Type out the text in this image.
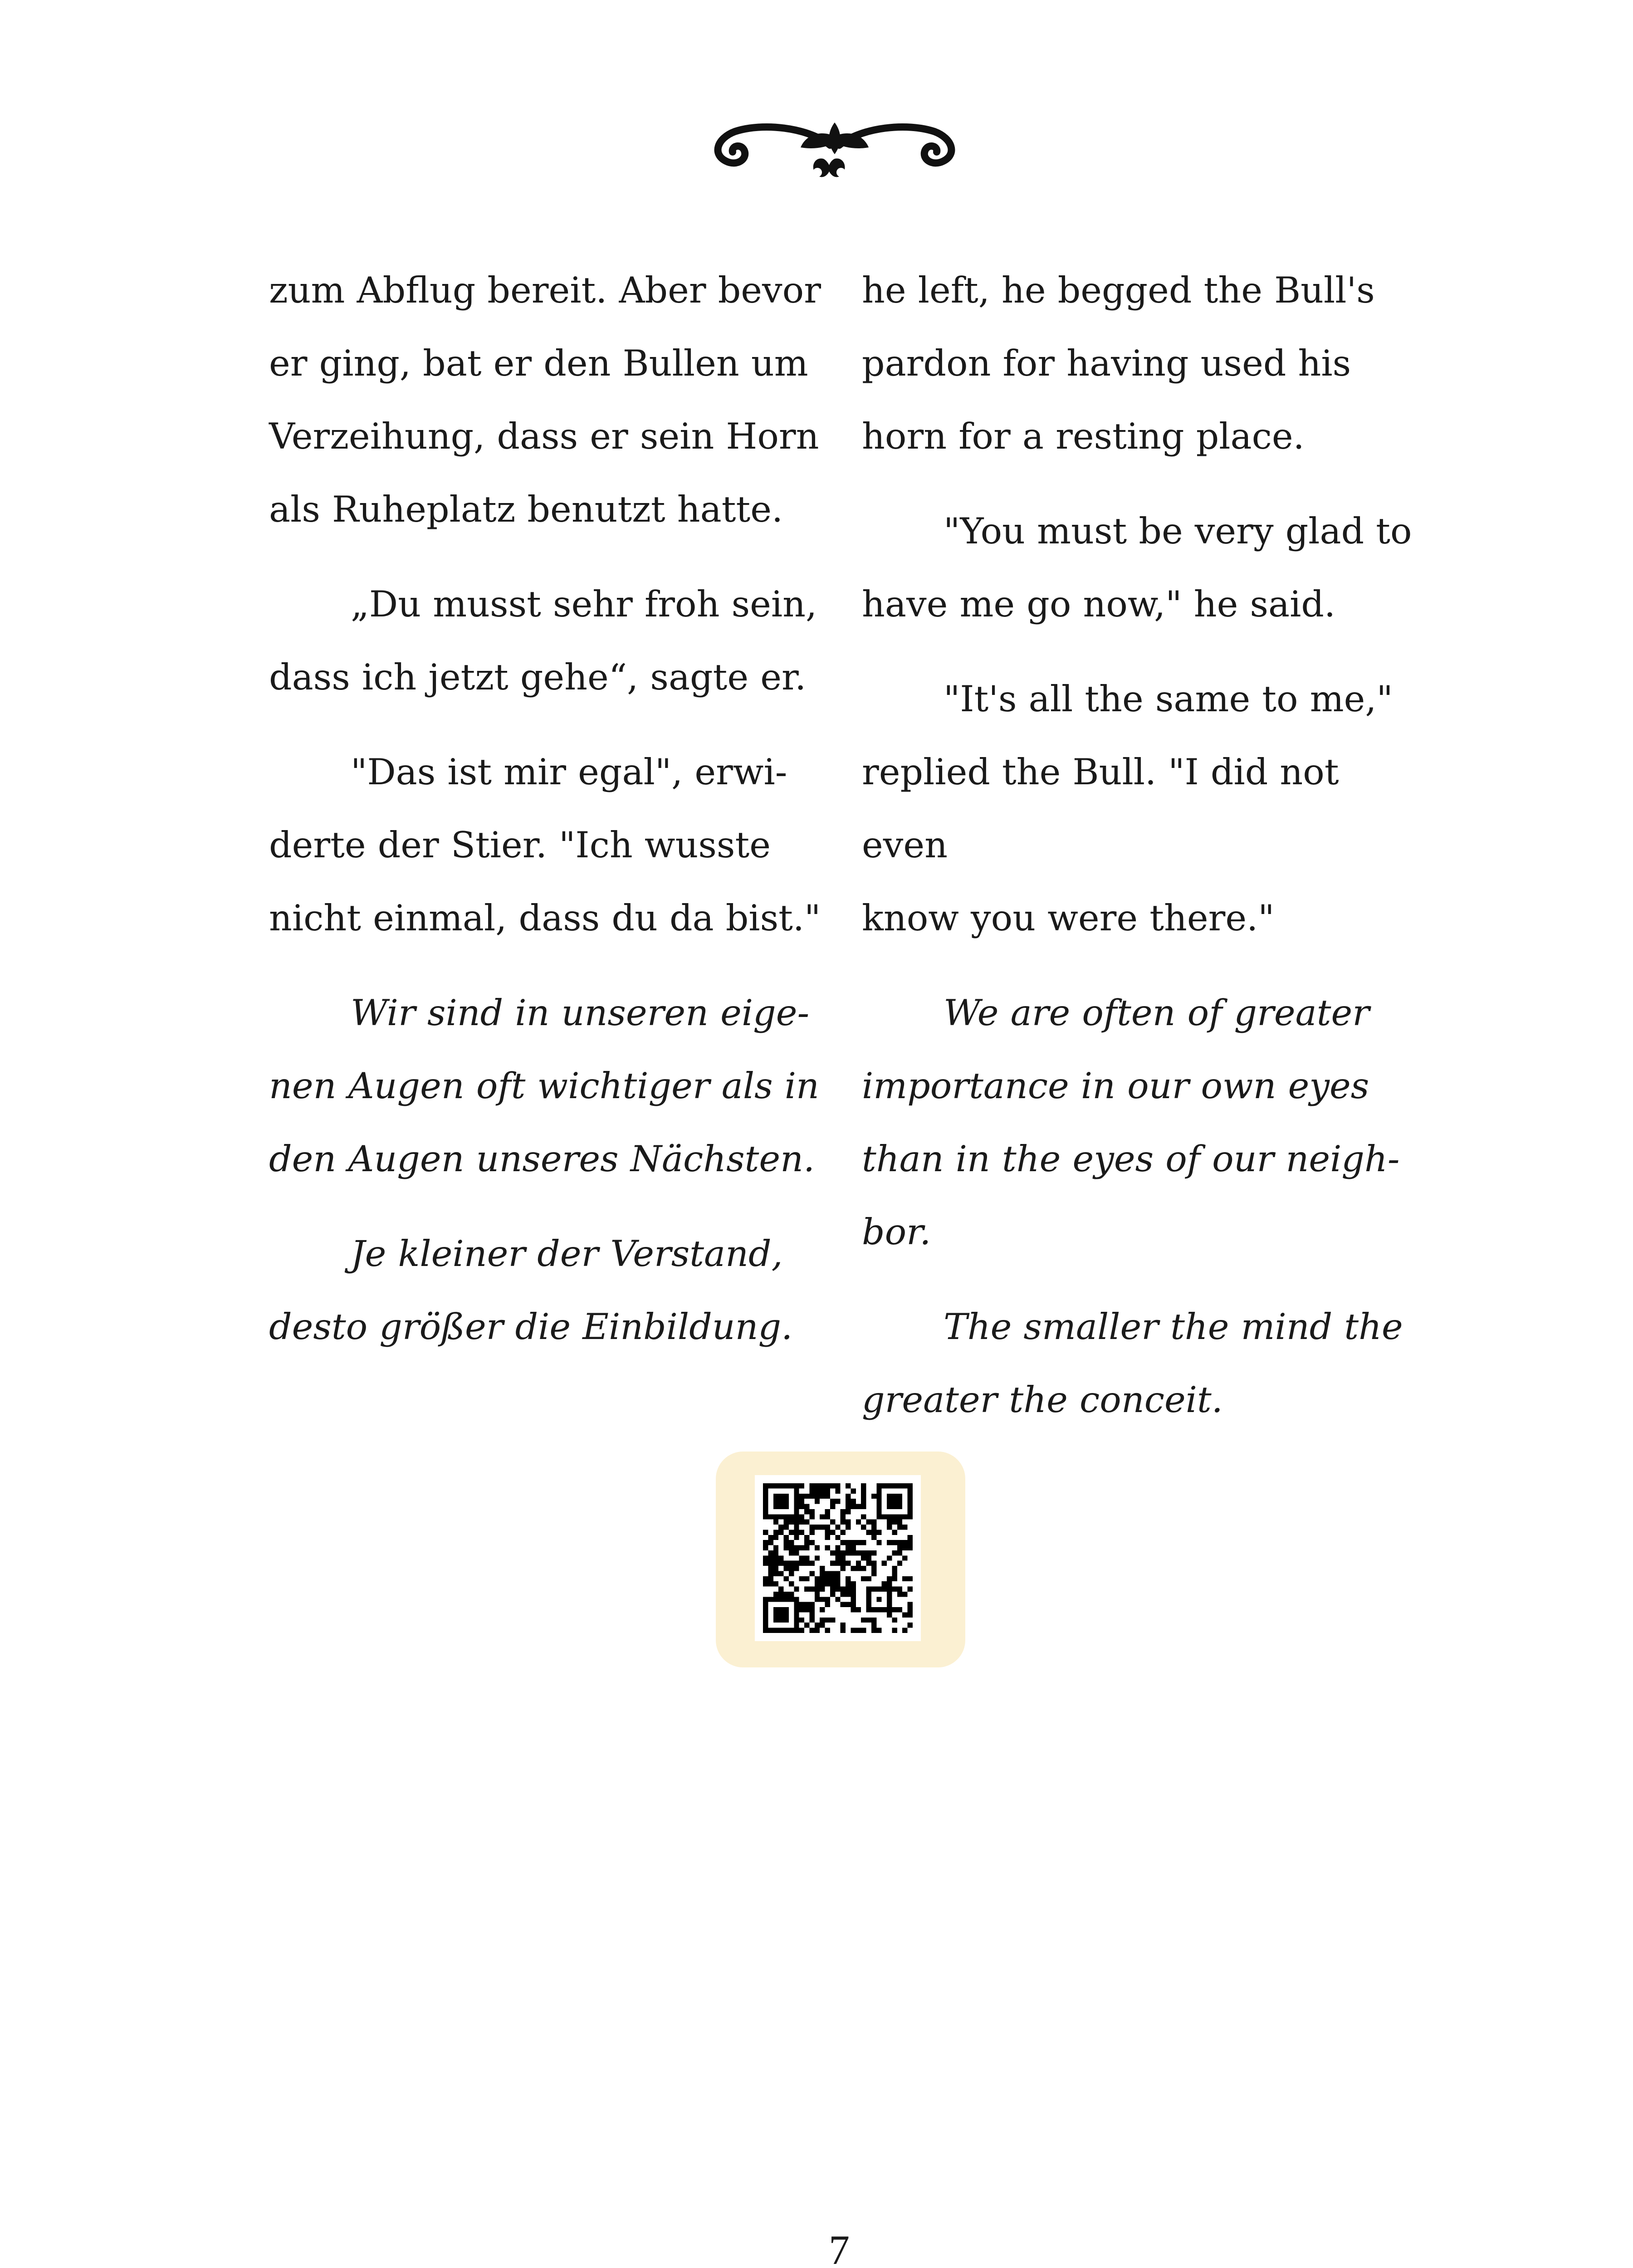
zum Abflug bereit. Aber bevor
er ging, bat er den Bullen um
Verzeihung, dass er sein Horn
als Ruheplatz benutzt hatte.

„Du musst sehr froh sein,
dass ich jetzt gehe“, sagte er.

"Das ist mir egal", erwi-
derte der Stier. "Ich wusste
nicht einmal, dass du da bist."

Wir sind in unseren eige-
nen Augen oft wichtiger als in
den Augen unseres Nächsten.

Je kleiner der Verstand,
desto größer die Einbildung.

he left, he begged the Bull's
pardon for having used his
horn for a resting place.

"You must be very glad to
have me go now," he said.

"It's all the same to me,"
replied the Bull. "I did not even
know you were there."

We are often of greater
importance in our own eyes
than in the eyes of our neigh-
bor.

The smaller the mind the
greater the conceit.

7
